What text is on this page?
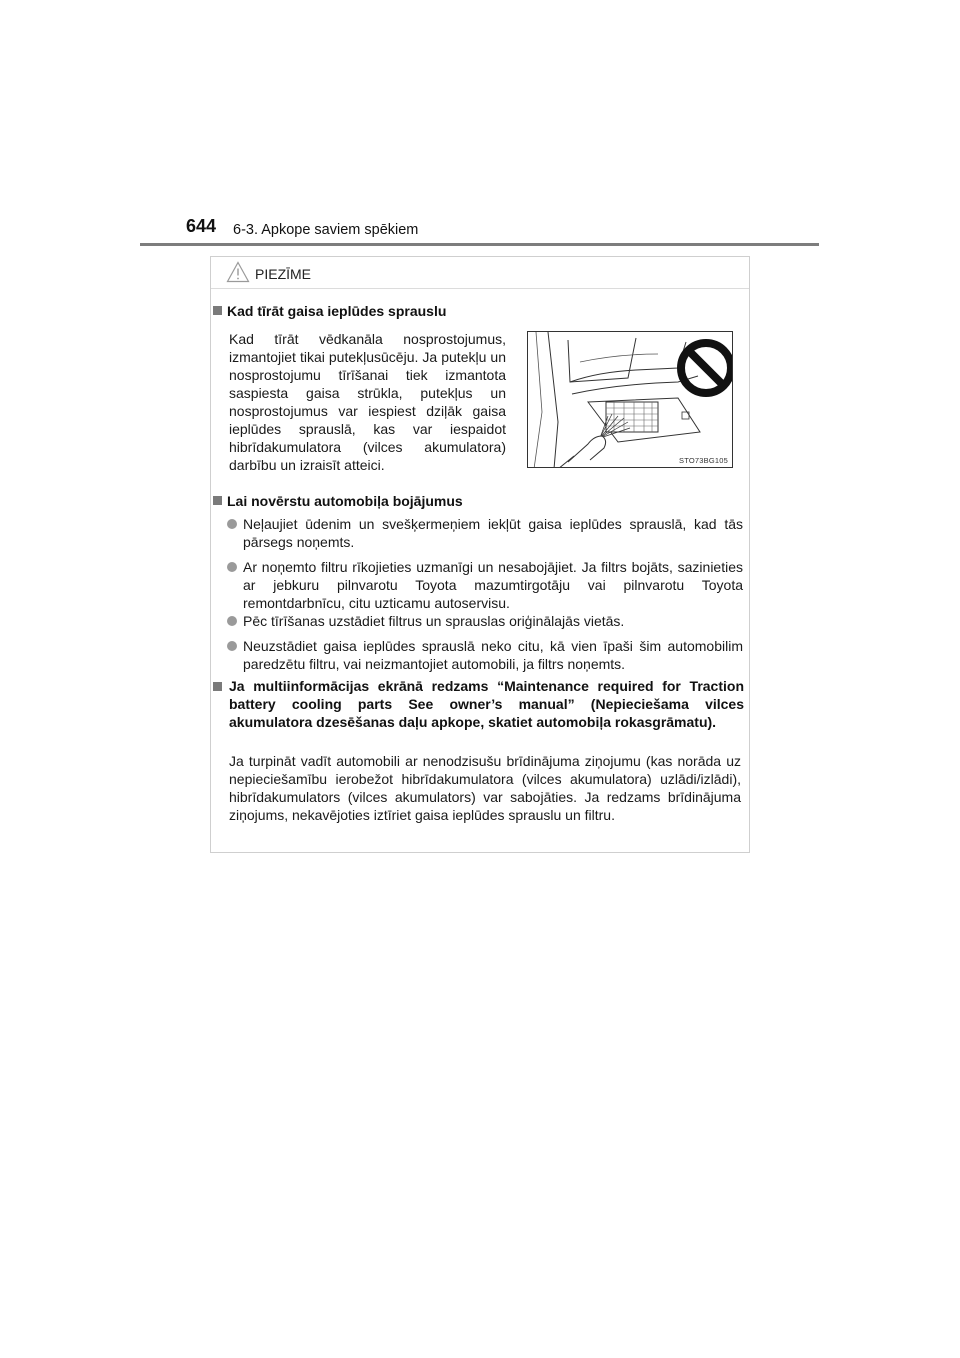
644 6-3. Apkope saviem spēkiem
PIEZĪME
Kad tīrāt gaisa ieplūdes sprauslu
Kad tīrāt vēdkanāla nosprostojumus, izmantojiet tikai putekļusūcēju. Ja putekļu un nosprostojumu tīrīšanai tiek izmantota saspiesta gaisa strūkla, putekļus un nosprostojumus var iespiest dziļāk gaisa ieplūdes sprauslā, kas var iespaidot hibrīdakumulatora (vilces akumulatora) darbību un izraisīt atteici.	STO73BG105
Lai novērstu automobiļa bojājumus
Neļaujiet ūdenim un svešķermeņiem iekļūt gaisa ieplūdes sprauslā, kad tās pārsegs noņemts.
Ar noņemto filtru rīkojieties uzmanīgi un nesabojājiet. Ja filtrs bojāts, sazinieties ar jebkuru pilnvarotu Toyota mazumtirgotāju vai pilnvarotu Toyota remontdarbnīcu, citu uzticamu autoservisu.
Pēc tīrīšanas uzstādiet filtrus un sprauslas oriģinālajās vietās.
Neuzstādiet gaisa ieplūdes sprauslā neko citu, kā vien īpaši šim automobilim paredzētu filtru, vai neizmantojiet automobili, ja filtrs noņemts.
Ja multiinformācijas ekrānā redzams “Maintenance required for Traction battery cooling parts See owner’s manual” (Nepieciešama vilces akumulatora dzesēšanas daļu apkope, skatiet automobiļa rokasgrāmatu).
Ja turpināt vadīt automobili ar nenodzisušu brīdinājuma ziņojumu (kas norāda uz nepieciešamību ierobežot hibrīdakumulatora (vilces akumulatora) uzlādi/izlādi), hibrīdakumulators (vilces akumulators) var sabojāties. Ja redzams brīdinājuma ziņojums, nekavējoties iztīriet gaisa ieplūdes sprauslu un filtru.
